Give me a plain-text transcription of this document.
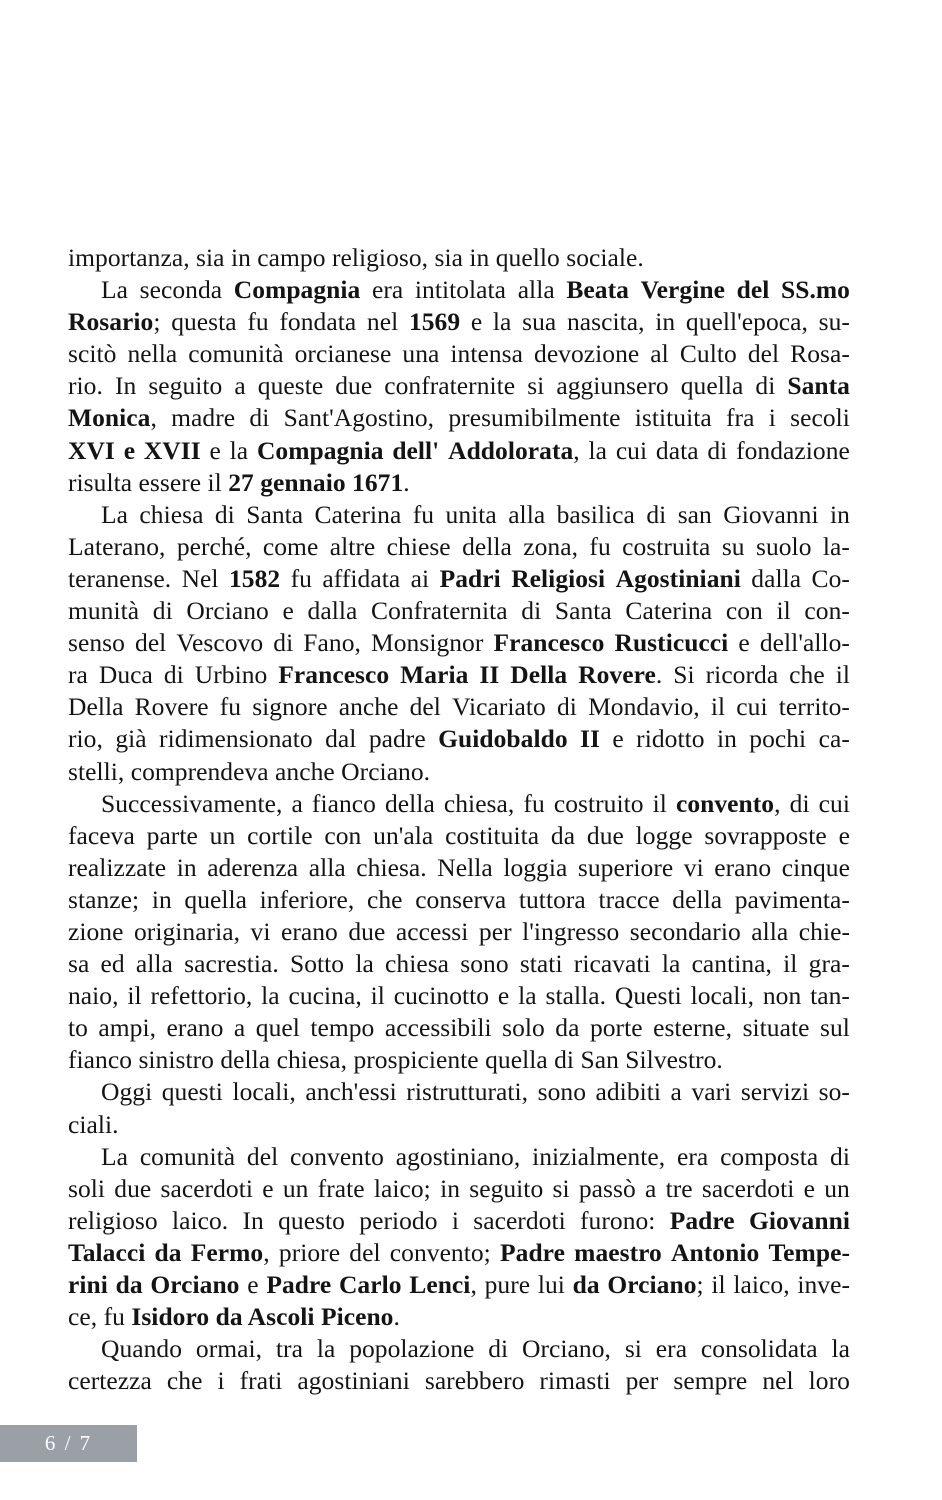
importanza, sia in campo religioso, sia in quello sociale.
La seconda Compagnia era intitolata alla Beata Vergine del SS.mo
Rosario; questa fu fondata nel 1569 e la sua nascita, in quell'epoca, su-
scitò nella comunità orcianese una intensa devozione al Culto del Rosa-
rio. In seguito a queste due confraternite si aggiunsero quella di Santa
Monica, madre di Sant'Agostino, presumibilmente istituita fra i secoli
XVI e XVII e la Compagnia dell' Addolorata, la cui data di fondazione
risulta essere il 27 gennaio 1671.
La chiesa di Santa Caterina fu unita alla basilica di san Giovanni in
Laterano, perché, come altre chiese della zona, fu costruita su suolo la-
teranense. Nel 1582 fu affidata ai Padri Religiosi Agostiniani dalla Co-
munità di Orciano e dalla Confraternita di Santa Caterina con il con-
senso del Vescovo di Fano, Monsignor Francesco Rusticucci e dell'allo-
ra Duca di Urbino Francesco Maria II Della Rovere. Si ricorda che il
Della Rovere fu signore anche del Vicariato di Mondavio, il cui territo-
rio, già ridimensionato dal padre Guidobaldo II e ridotto in pochi ca-
stelli, comprendeva anche Orciano.
Successivamente, a fianco della chiesa, fu costruito il convento, di cui
faceva parte un cortile con un'ala costituita da due logge sovrapposte e
realizzate in aderenza alla chiesa. Nella loggia superiore vi erano cinque
stanze; in quella inferiore, che conserva tuttora tracce della pavimenta-
zione originaria, vi erano due accessi per l'ingresso secondario alla chie-
sa ed alla sacrestia. Sotto la chiesa sono stati ricavati la cantina, il gra-
naio, il refettorio, la cucina, il cucinotto e la stalla. Questi locali, non tan-
to ampi, erano a quel tempo accessibili solo da porte esterne, situate sul
fianco sinistro della chiesa, prospiciente quella di San Silvestro.
Oggi questi locali, anch'essi ristrutturati, sono adibiti a vari servizi so-
ciali.
La comunità del convento agostiniano, inizialmente, era composta di
soli due sacerdoti e un frate laico; in seguito si passò a tre sacerdoti e un
religioso laico. In questo periodo i sacerdoti furono: Padre Giovanni
Talacci da Fermo, priore del convento; Padre maestro Antonio Tempe-
rini da Orciano e Padre Carlo Lenci, pure lui da Orciano; il laico, inve-
ce, fu Isidoro da Ascoli Piceno.
Quando ormai, tra la popolazione di Orciano, si era consolidata la
certezza che i frati agostiniani sarebbero rimasti per sempre nel loro
6 / 7
